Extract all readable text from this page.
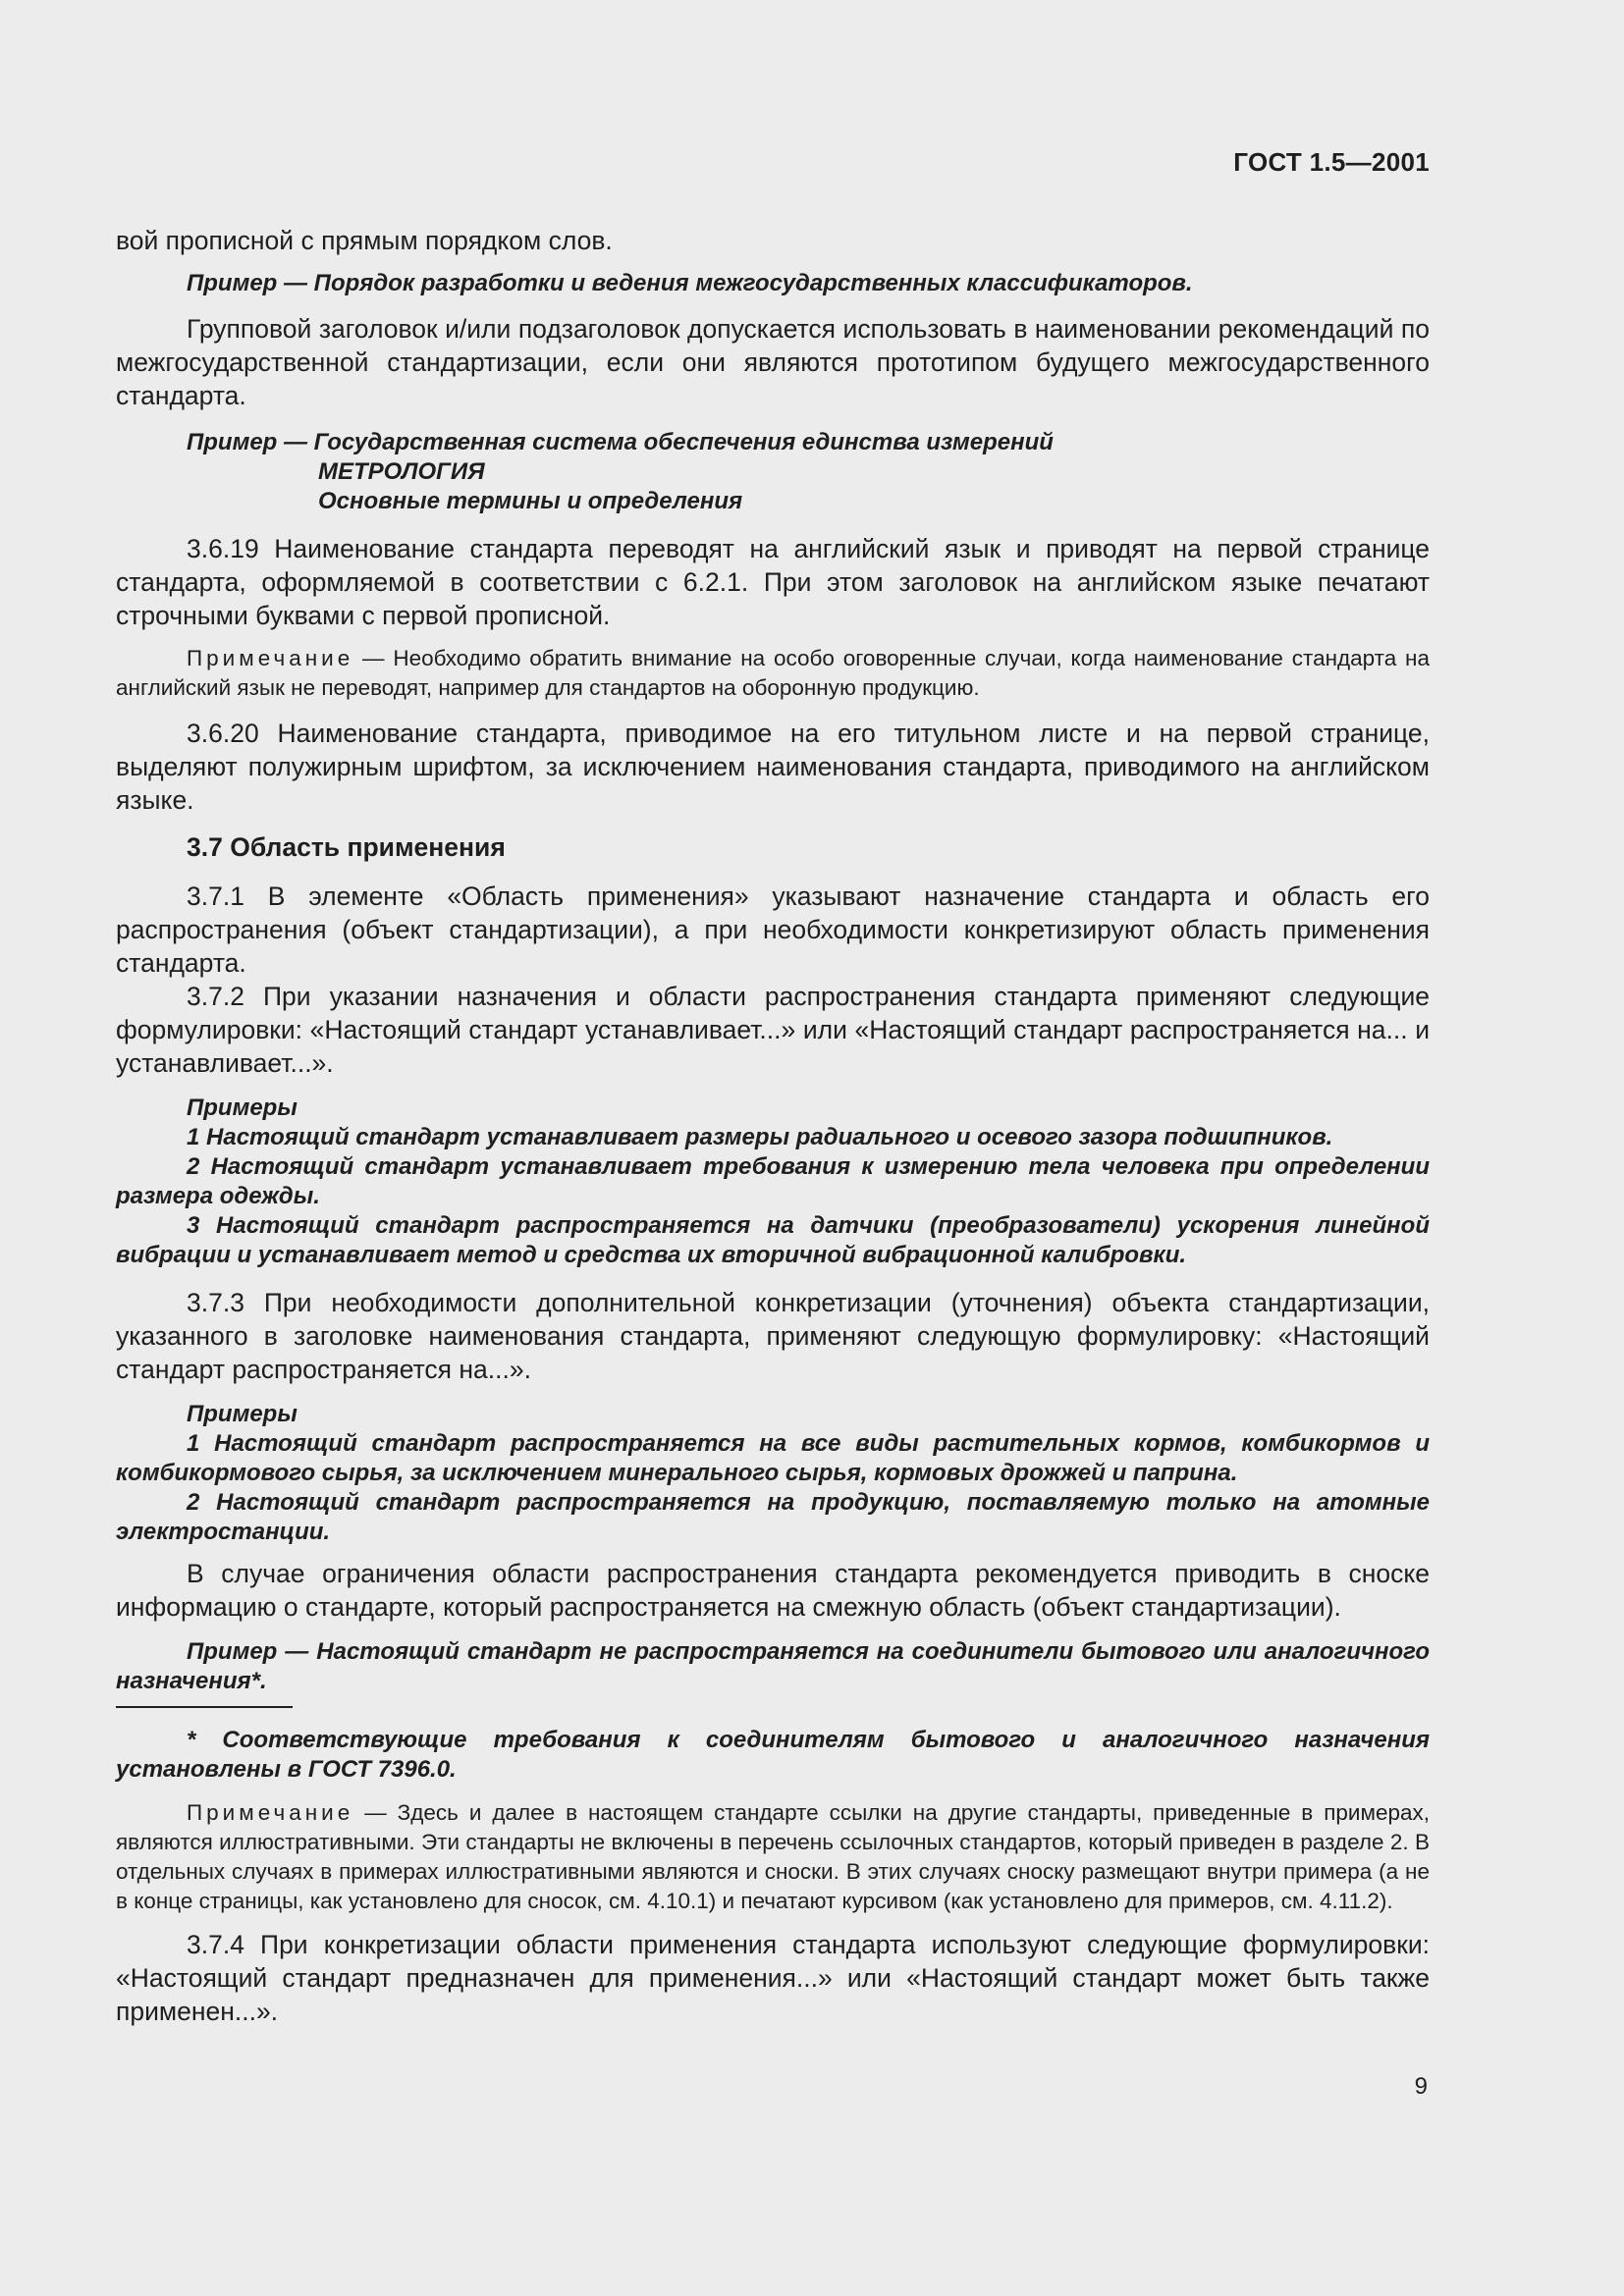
ГОСТ 1.5—2001

вой прописной с прямым порядком слов.

Пример — Порядок разработки и ведения межгосударственных классификаторов.

Групповой заголовок и/или подзаголовок допускается использовать в наименовании рекомендаций по межгосударственной стандартизации, если они являются прототипом будущего межгосударственного стандарта.

Пример — Государственная система обеспечения единства измерений

МЕТРОЛОГИЯ

Основные термины и определения

3.6.19 Наименование стандарта переводят на английский язык и приводят на первой странице стандарта, оформляемой в соответствии с 6.2.1. При этом заголовок на английском языке печатают строчными буквами с первой прописной.

Примечание — Необходимо обратить внимание на особо оговоренные случаи, когда наименование стандарта на английский язык не переводят, например для стандартов на оборонную продукцию.

3.6.20 Наименование стандарта, приводимое на его титульном листе и на первой странице, выделяют полужирным шрифтом, за исключением наименования стандарта, приводимого на английском языке.

3.7 Область применения

3.7.1 В элементе «Область применения» указывают назначение стандарта и область его распространения (объект стандартизации), а при необходимости конкретизируют область применения стандарта.

3.7.2 При указании назначения и области распространения стандарта применяют следующие формулировки: «Настоящий стандарт устанавливает...» или «Настоящий стандарт распространяется на... и устанавливает...».

Примеры

1 Настоящий стандарт устанавливает размеры радиального и осевого зазора подшипников.

2 Настоящий стандарт устанавливает требования к измерению тела человека при определении размера одежды.

3 Настоящий стандарт распространяется на датчики (преобразователи) ускорения линейной вибрации и устанавливает метод и средства их вторичной вибрационной калибровки.

3.7.3 При необходимости дополнительной конкретизации (уточнения) объекта стандартизации, указанного в заголовке наименования стандарта, применяют следующую формулировку: «Настоящий стандарт распространяется на...».

Примеры

1 Настоящий стандарт распространяется на все виды растительных кормов, комбикормов и комбикормового сырья, за исключением минерального сырья, кормовых дрожжей и паприна.

2 Настоящий стандарт распространяется на продукцию, поставляемую только на атомные электростанции.

В случае ограничения области распространения стандарта рекомендуется приводить в сноске информацию о стандарте, который распространяется на смежную область (объект стандартизации).

Пример — Настоящий стандарт не распространяется на соединители бытового или аналогичного назначения*.

* Соответствующие требования к соединителям бытового и аналогичного назначения установлены в ГОСТ 7396.0.

Примечание — Здесь и далее в настоящем стандарте ссылки на другие стандарты, приведенные в примерах, являются иллюстративными. Эти стандарты не включены в перечень ссылочных стандартов, который приведен в разделе 2. В отдельных случаях в примерах иллюстративными являются и сноски. В этих случаях сноску размещают внутри примера (а не в конце страницы, как установлено для сносок, см. 4.10.1) и печатают курсивом (как установлено для примеров, см. 4.11.2).

3.7.4 При конкретизации области применения стандарта используют следующие формулировки: «Настоящий стандарт предназначен для применения...» или «Настоящий стандарт может быть также применен...».

9
